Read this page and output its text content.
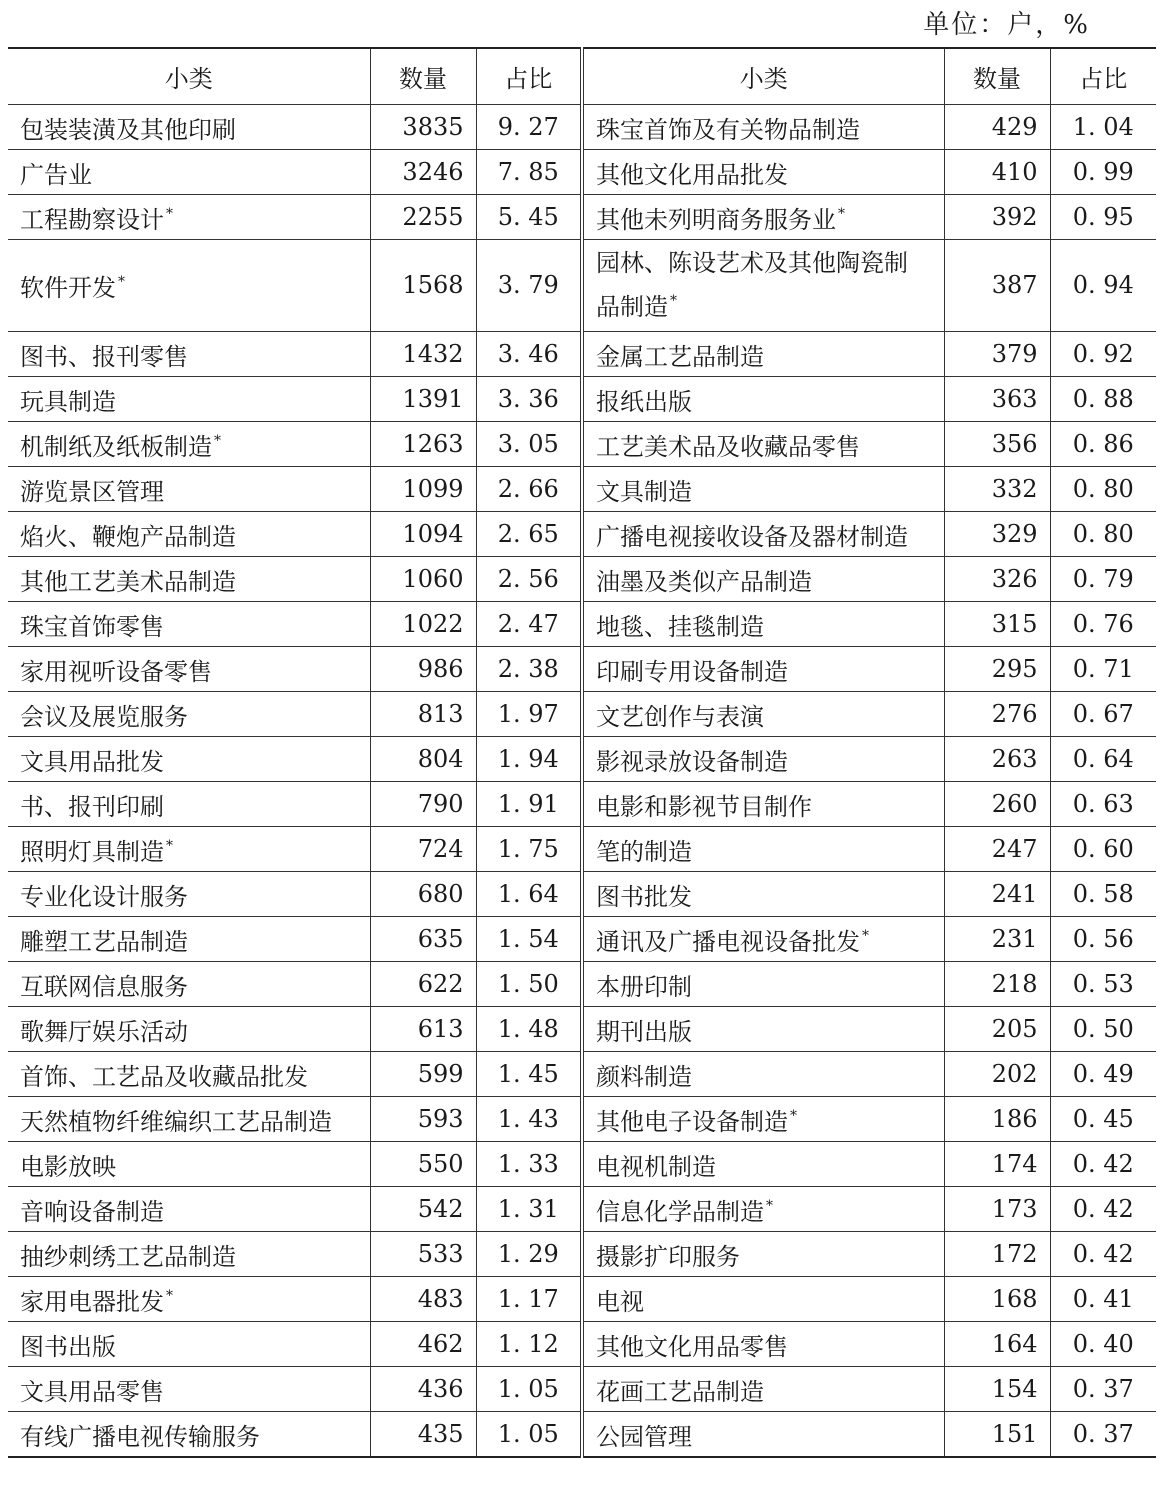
单位：户，%
小类	数量	占比	小类	数量	占比
包装装潢及其他印刷	3835	9. 27	珠宝首饰及有关物品制造	429	1. 04
广告业	3246	7. 85	其他文化用品批发	410	0. 99
工程勘察设计 *	2255	5. 45	其他未列明商务服务业 *	392	0. 95
软件开发 *	1568	3. 79	园林、陈设艺术及其他陶瓷制品制造 *	387	0. 94
图书、报刊零售	1432	3. 46	金属工艺品制造	379	0. 92
玩具制造	1391	3. 36	报纸出版	363	0. 88
机制纸及纸板制造 *	1263	3. 05	工艺美术品及收藏品零售	356	0. 86
游览景区管理	1099	2. 66	文具制造	332	0. 80
焰火、鞭炮产品制造	1094	2. 65	广播电视接收设备及器材制造	329	0. 80
其他工艺美术品制造	1060	2. 56	油墨及类似产品制造	326	0. 79
珠宝首饰零售	1022	2. 47	地毯、挂毯制造	315	0. 76
家用视听设备零售	986	2. 38	印刷专用设备制造	295	0. 71
会议及展览服务	813	1. 97	文艺创作与表演	276	0. 67
文具用品批发	804	1. 94	影视录放设备制造	263	0. 64
书、报刊印刷	790	1. 91	电影和影视节目制作	260	0. 63
照明灯具制造 *	724	1. 75	笔的制造	247	0. 60
专业化设计服务	680	1. 64	图书批发	241	0. 58
雕塑工艺品制造	635	1. 54	通讯及广播电视设备批发 *	231	0. 56
互联网信息服务	622	1. 50	本册印制	218	0. 53
歌舞厅娱乐活动	613	1. 48	期刊出版	205	0. 50
首饰、工艺品及收藏品批发	599	1. 45	颜料制造	202	0. 49
天然植物纤维编织工艺品制造	593	1. 43	其他电子设备制造 *	186	0. 45
电影放映	550	1. 33	电视机制造	174	0. 42
音响设备制造	542	1. 31	信息化学品制造 *	173	0. 42
抽纱刺绣工艺品制造	533	1. 29	摄影扩印服务	172	0. 42
家用电器批发 *	483	1. 17	电视	168	0. 41
图书出版	462	1. 12	其他文化用品零售	164	0. 40
文具用品零售	436	1. 05	花画工艺品制造	154	0. 37
有线广播电视传输服务	435	1. 05	公园管理	151	0. 37
